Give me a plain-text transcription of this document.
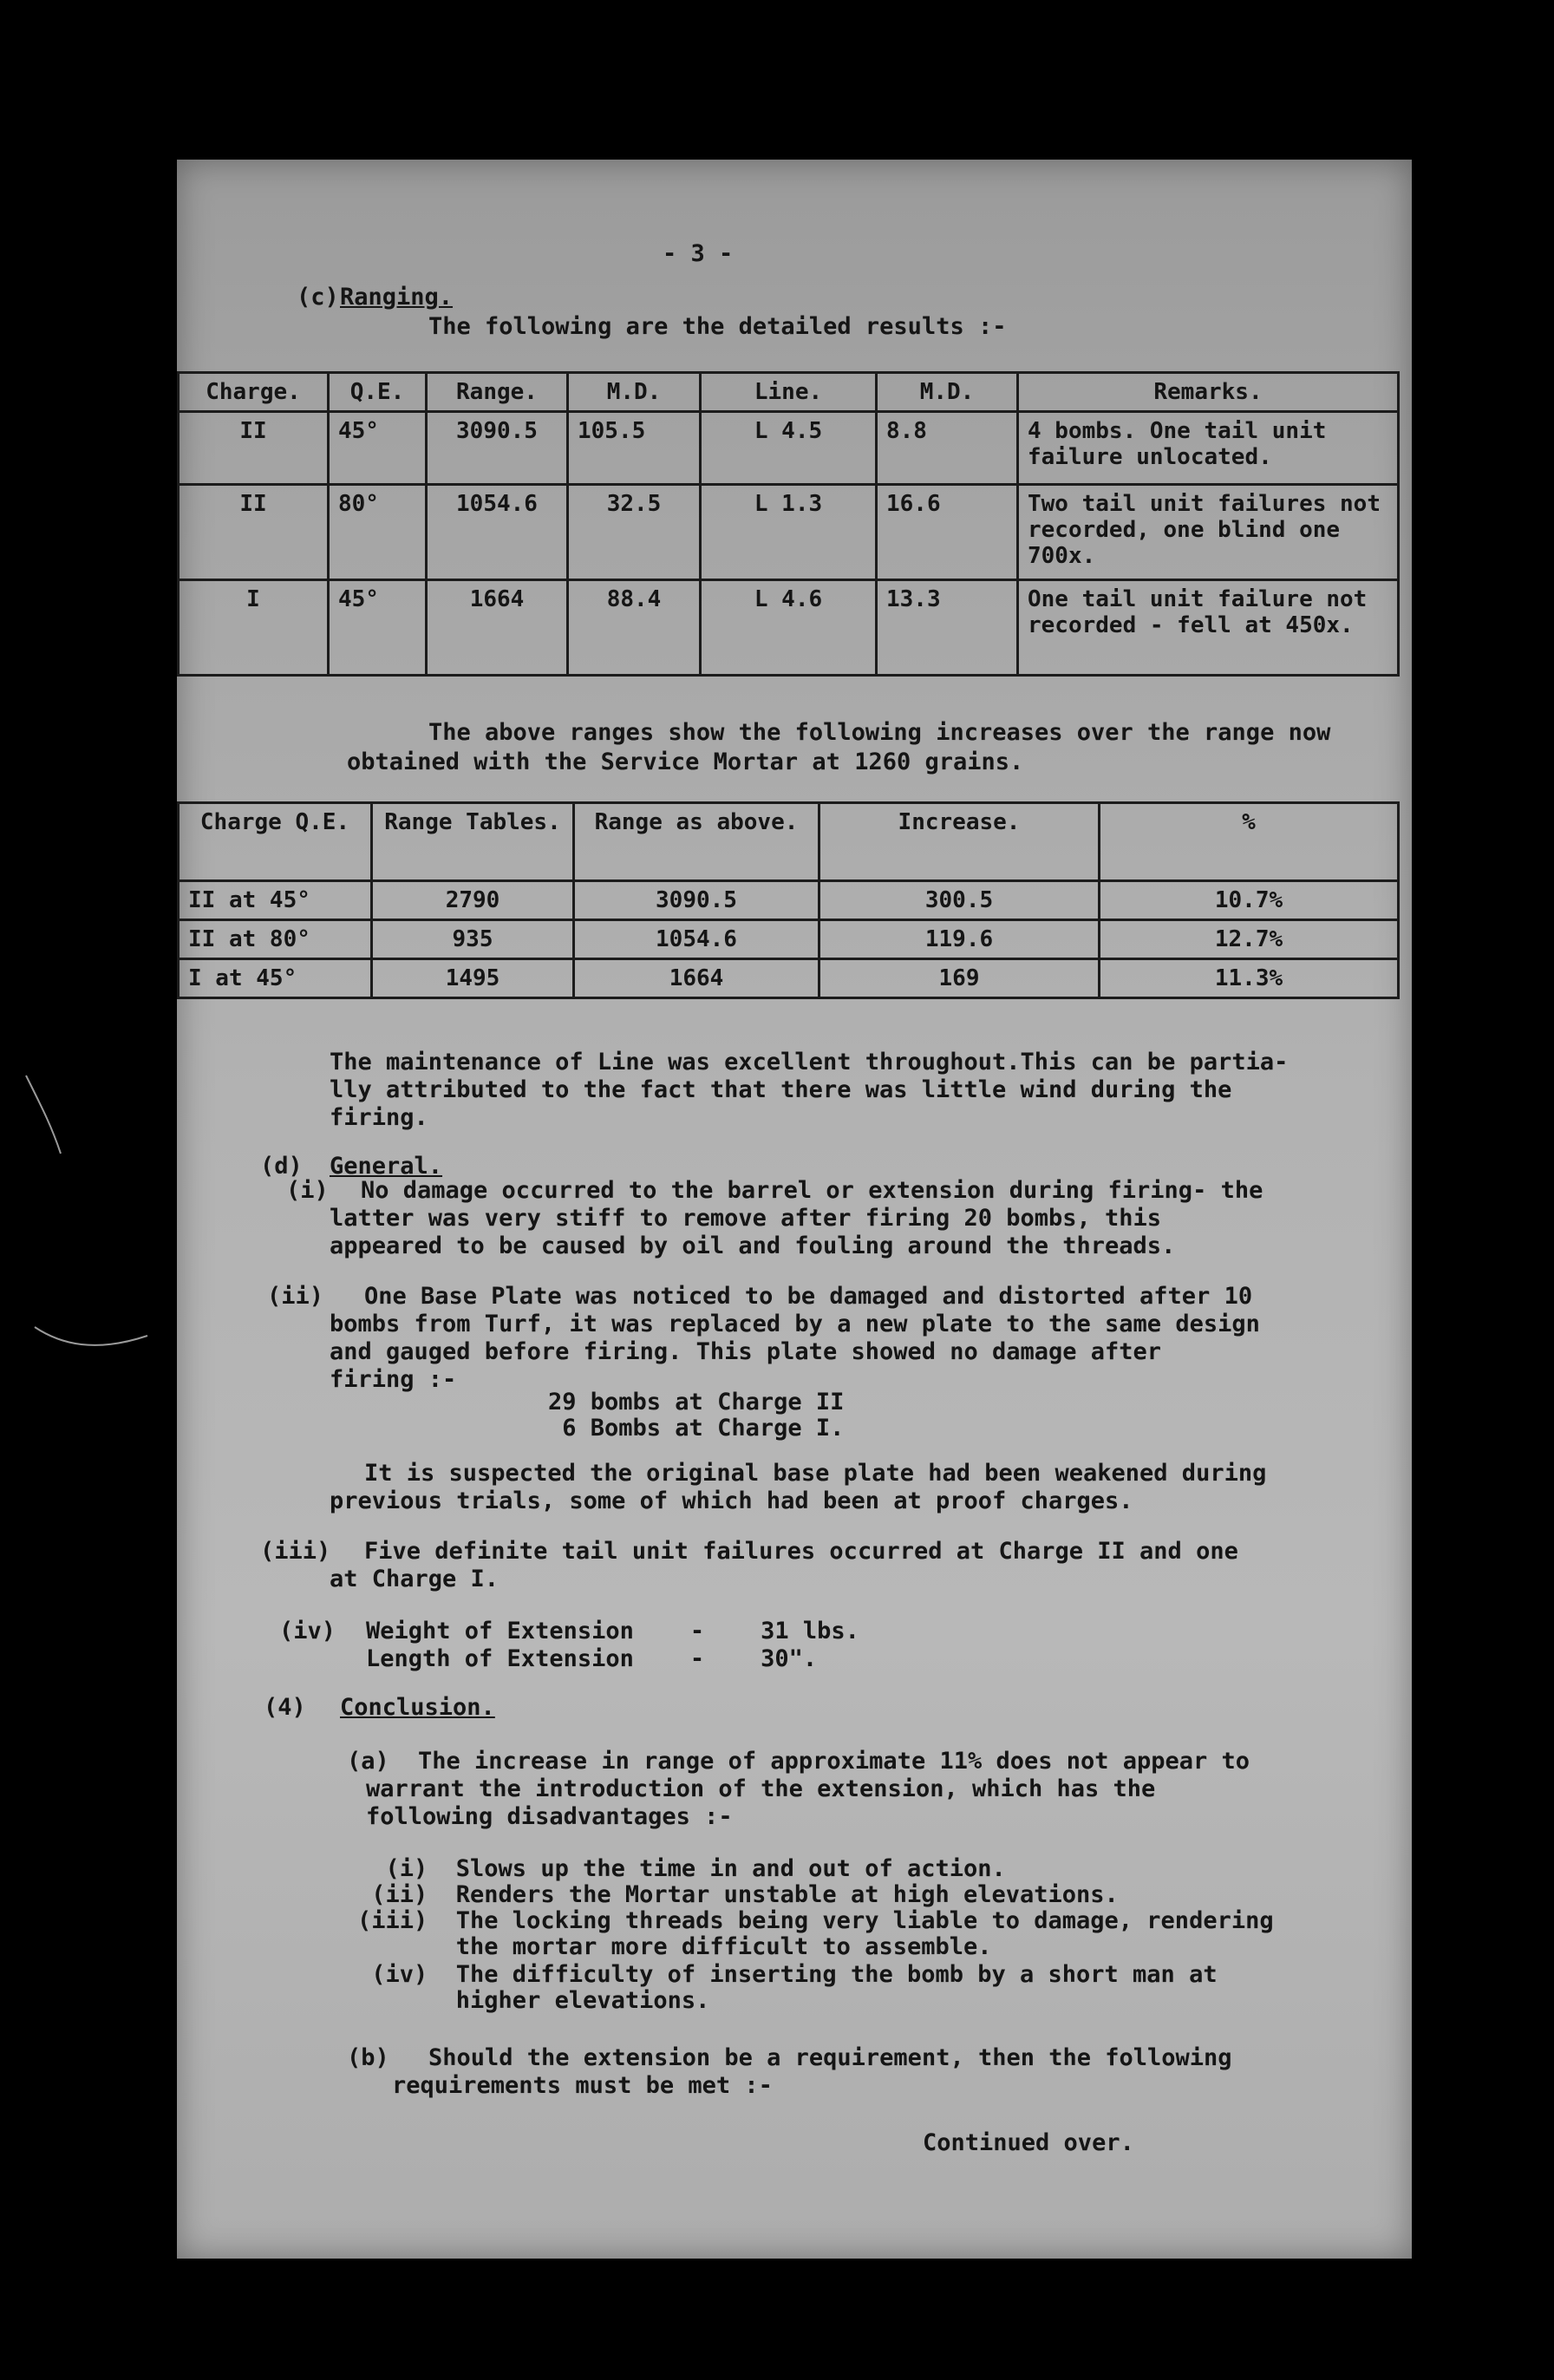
- 3 -
(c) Ranging.
The following are the detailed results :-
Charge.	Q.E.	Range.	M.D.	Line.	M.D.	Remarks.
II	45°	3090.5	105.5	L 4.5	8.8	4 bombs. One tail unit failure unlocated.
II	80°	1054.6	32.5	L 1.3	16.6	Two tail unit failures not recorded, one blind one 700x.
I	45°	1664	88.4	L 4.6	13.3	One tail unit failure not recorded - fell at 450x.
The above ranges show the following increases over the range now
obtained with the Service Mortar at 1260 grains.
Charge Q.E.	Range Tables.	Range as above.	Increase.	%
II at 45°	2790	3090.5	300.5	10.7%
II at 80°	935	1054.6	119.6	12.7%
I at 45°	1495	1664	169	11.3%
The maintenance of Line was excellent throughout.This can be partia-
lly attributed to the fact that there was little wind during the
firing.
(d) General.
(i) No damage occurred to the barrel or extension during firing- the
latter was very stiff to remove after firing 20 bombs, this
appeared to be caused by oil and fouling around the threads.
(ii) One Base Plate was noticed to be damaged and distorted after 10
bombs from Turf, it was replaced by a new plate to the same design
and gauged before firing. This plate showed no damage after
firing :-
29 bombs at Charge II
6 Bombs at Charge I.
It is suspected the original base plate had been weakened during
previous trials, some of which had been at proof charges.
(iii) Five definite tail unit failures occurred at Charge II and one
at Charge I.
(iv) Weight of Extension    -    31 lbs.
Length of Extension    -    30".
(4) Conclusion.
(a) The increase in range of approximate 11% does not appear to
warrant the introduction of the extension, which has the
following disadvantages :-
(i)  Slows up the time in and out of action.
(ii)  Renders the Mortar unstable at high elevations.
(iii)  The locking threads being very liable to damage, rendering
the mortar more difficult to assemble.
(iv)  The difficulty of inserting the bomb by a short man at
higher elevations.
(b) Should the extension be a requirement, then the following
requirements must be met :-
Continued over.
